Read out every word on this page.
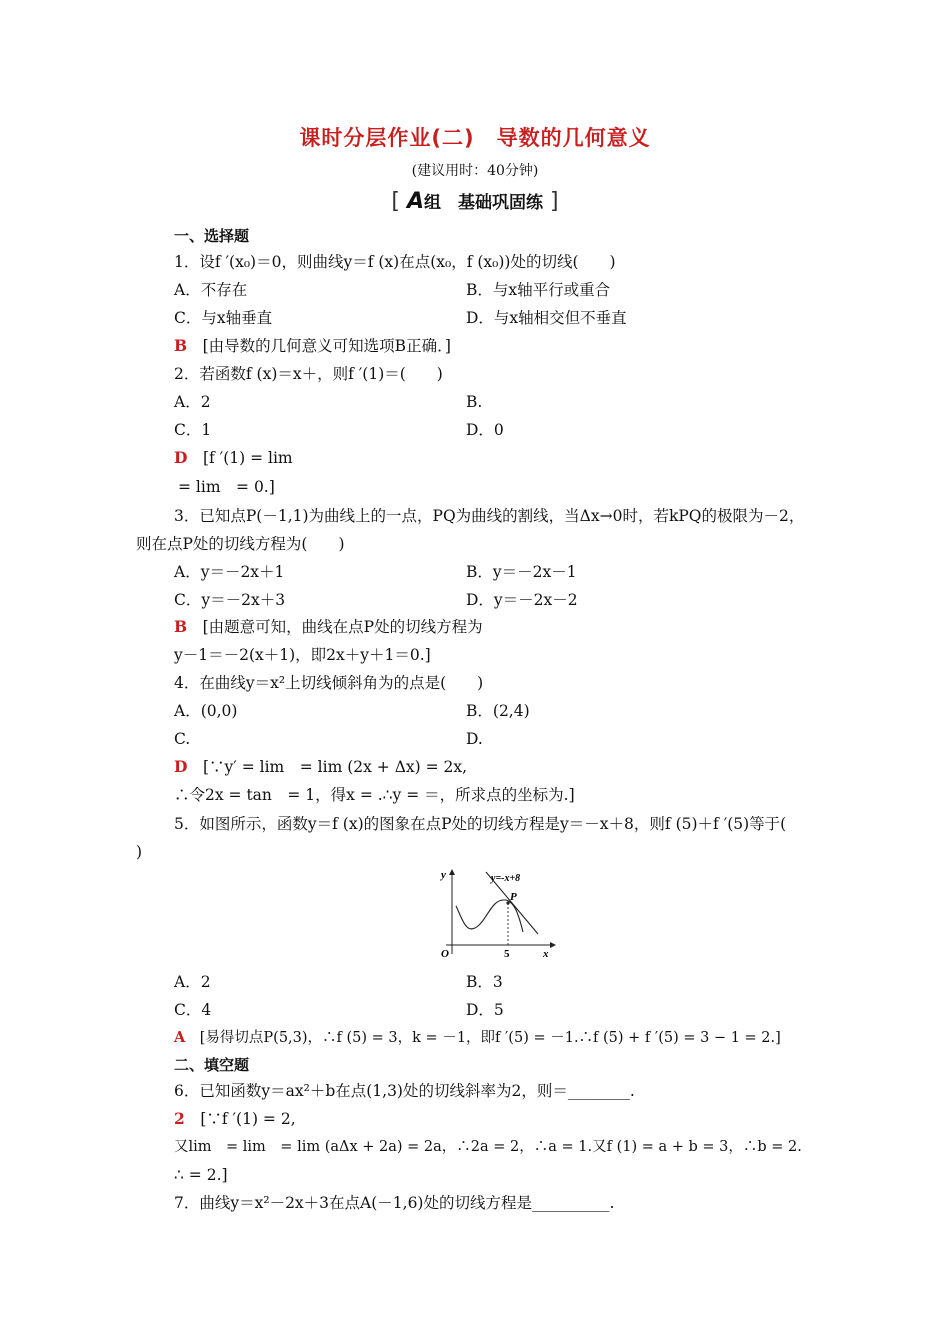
课时分层作业(二)　导数的几何意义
(建议用时：40分钟)
[ A组　基础巩固练 ]
一、选择题
1．设f ′(x₀)＝0，则曲线y＝f (x)在点(x₀，f (x₀))处的切线(　　)
A．不存在	B．与x轴平行或重合
C．与x轴垂直	D．与x轴相交但不垂直
B　 [由导数的几何意义可知选项B正确．]
2．若函数f (x)＝x＋，则f ′(1)＝(　　)
A．2	B.
C．1	D．0
D　 [f ′(1) = lim
= lim　= 0.]
3．已知点P(－1,1)为曲线上的一点，PQ为曲线的割线，当Δx→0时，若kPQ的极限为－2，
则在点P处的切线方程为(　　)
A．y＝－2x＋1	B．y＝－2x－1
C．y＝－2x＋3	D．y＝－2x－2
B　 [由题意可知，曲线在点P处的切线方程为
y－1＝－2(x＋1)，即2x＋y＋1＝0.]
4．在曲线y＝x²上切线倾斜角为的点是(　　)
A．(0,0)	B．(2,4)
C.	D.
D　 [∵y′ = lim　= lim (2x + Δx) = 2x,
∴令2x = tan　= 1，得x = .∴y = ＝，所求点的坐标为.]
5．如图所示，函数y＝f (x)的图象在点P处的切线方程是y＝－x＋8，则f (5)＋f ′(5)等于(
)
y
x
O	5
P
y=-x+8
A．2	B．3
C．4	D．5
A　 [易得切点P(5,3)，∴f (5) = 3，k = －1，即f ′(5) = －1.∴f (5) + f ′(5) = 3 − 1 = 2.]
二、填空题
6．已知函数y＝ax²＋b在点(1,3)处的切线斜率为2，则＝________.
2　 [∵f ′(1) = 2,
又lim　= lim　= lim (aΔx + 2a) = 2a，∴2a = 2，∴a = 1.又f (1) = a + b = 3，∴b = 2.
∴ = 2.]
7．曲线y＝x²－2x＋3在点A(－1,6)处的切线方程是__________.
